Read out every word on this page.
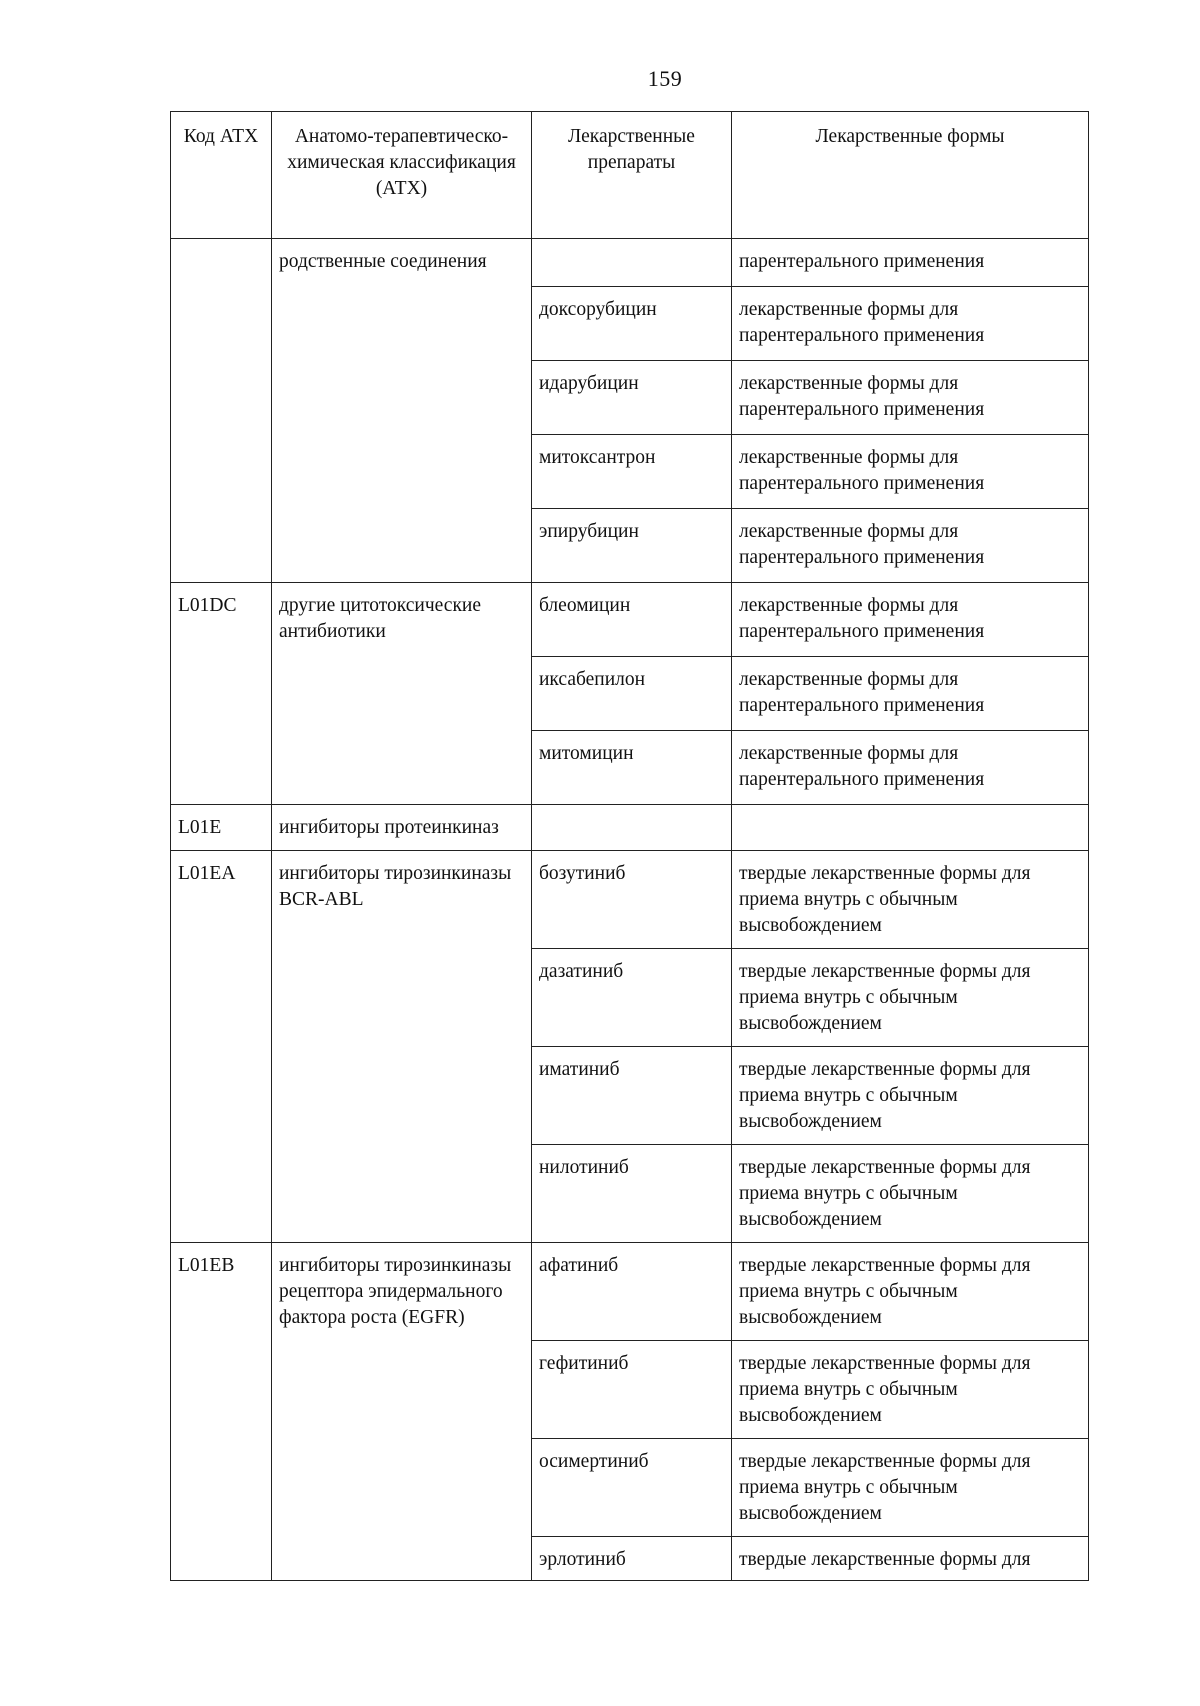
159
Код АТХ	Анатомо-терапевтическо-химическая классификация (АТХ)	Лекарственные препараты	Лекарственные формы
	родственные соединения		парентерального применения
		доксорубицин	лекарственные формы для парентерального применения
		идарубицин	лекарственные формы для парентерального применения
		митоксантрон	лекарственные формы для парентерального применения
		эпирубицин	лекарственные формы для парентерального применения
L01DC	другие цитотоксические антибиотики	блеомицин	лекарственные формы для парентерального применения
		иксабепилон	лекарственные формы для парентерального применения
		митомицин	лекарственные формы для парентерального применения
L01E	ингибиторы протеинкиназ		
L01EA	ингибиторы тирозинкиназы BCR-ABL	бозутиниб	твердые лекарственные формы для приема внутрь с обычным высвобождением
		дазатиниб	твердые лекарственные формы для приема внутрь с обычным высвобождением
		иматиниб	твердые лекарственные формы для приема внутрь с обычным высвобождением
		нилотиниб	твердые лекарственные формы для приема внутрь с обычным высвобождением
L01EB	ингибиторы тирозинкиназы рецептора эпидермального фактора роста (EGFR)	афатиниб	твердые лекарственные формы для приема внутрь с обычным высвобождением
		гефитиниб	твердые лекарственные формы для приема внутрь с обычным высвобождением
		осимертиниб	твердые лекарственные формы для приема внутрь с обычным высвобождением
		эрлотиниб	твердые лекарственные формы для
